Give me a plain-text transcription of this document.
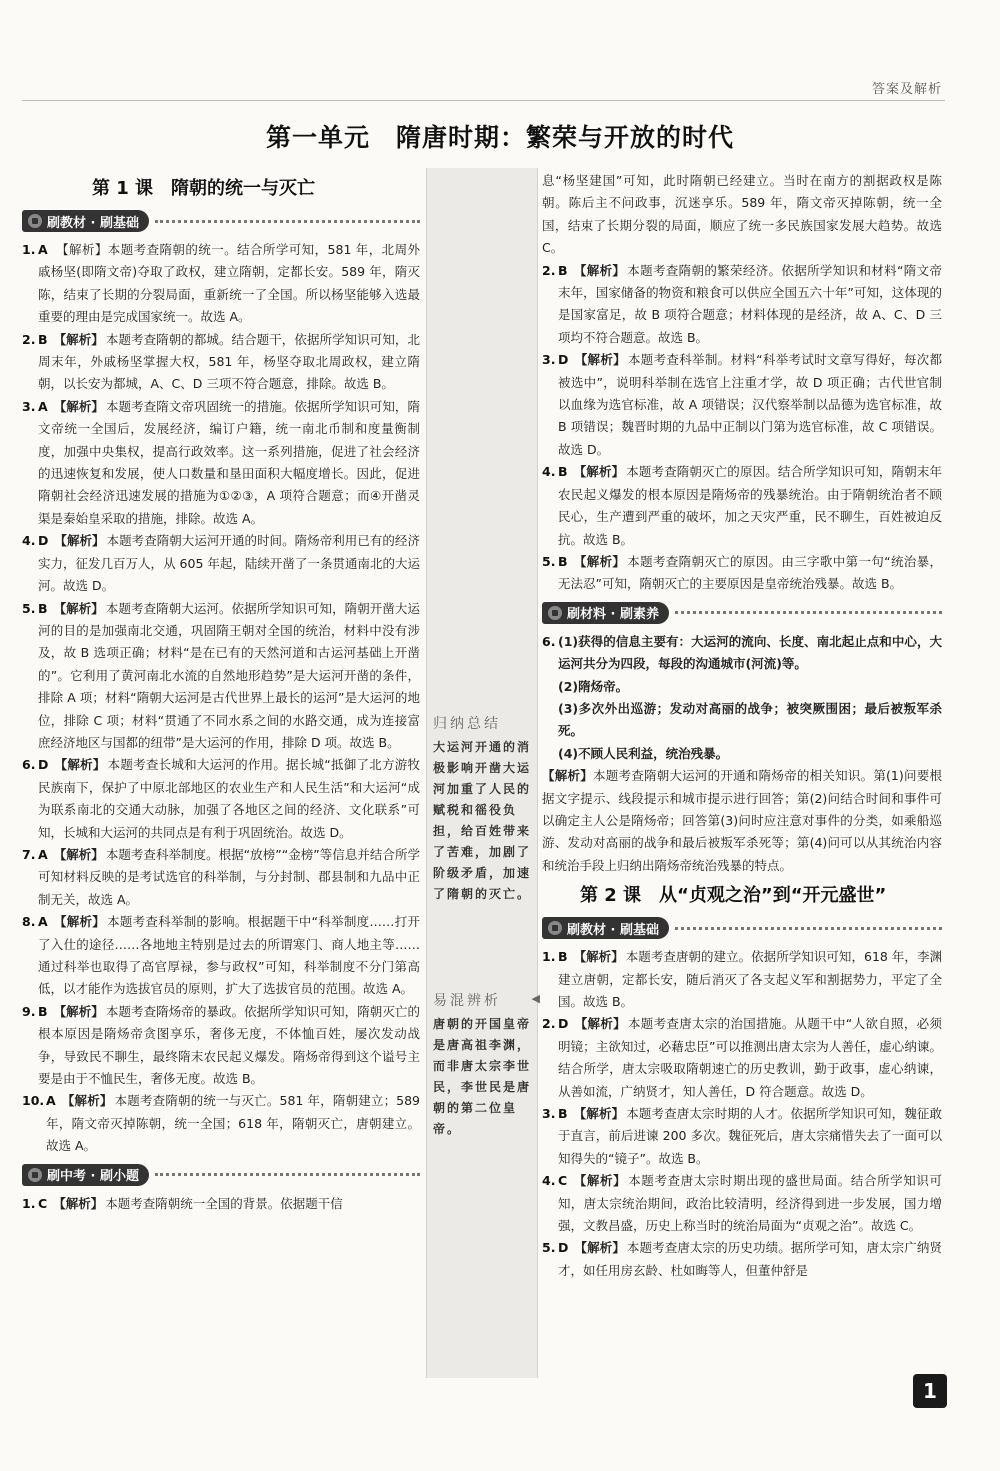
答案及解析
第一单元　隋唐时期：繁荣与开放的时代
第 1 课　隋朝的统一与灭亡
刷教材 · 刷基础

1. A 【解析】本题考查隋朝的统一。结合所学可知，581 年，北周外戚杨坚(即隋文帝)夺取了政权，建立隋朝，定都长安。589 年，隋灭陈，结束了长期的分裂局面，重新统一了全国。所以杨坚能够入选最重要的理由是完成国家统一。故选 A。

2. B 【解析】 本题考查隋朝的都城。结合题干，依据所学知识可知，北周末年，外戚杨坚掌握大权，581 年，杨坚夺取北周政权，建立隋朝，以长安为都城，A、C、D 三项不符合题意，排除。故选 B。

3. A 【解析】 本题考查隋文帝巩固统一的措施。依据所学知识可知，隋文帝统一全国后，发展经济，编订户籍，统一南北币制和度量衡制度，加强中央集权，提高行政效率。这一系列措施，促进了社会经济的迅速恢复和发展，使人口数量和垦田面积大幅度增长。因此，促进隋朝社会经济迅速发展的措施为①②③，A 项符合题意；而④开凿灵渠是秦始皇采取的措施，排除。故选 A。

4. D 【解析】 本题考查隋朝大运河开通的时间。隋炀帝利用已有的经济实力，征发几百万人，从 605 年起，陆续开凿了一条贯通南北的大运河。故选 D。

5. B 【解析】 本题考查隋朝大运河。依据所学知识可知，隋朝开凿大运河的目的是加强南北交通，巩固隋王朝对全国的统治，材料中没有涉及，故 B 选项正确；材料“是在已有的天然河道和古运河基础上开凿的”。它利用了黄河南北水流的自然地形趋势”是大运河开凿的条件，排除 A 项；材料“隋朝大运河是古代世界上最长的运河”是大运河的地位，排除 C 项；材料“贯通了不同水系之间的水路交通，成为连接富庶经济地区与国都的纽带”是大运河的作用，排除 D 项。故选 B。

6. D 【解析】 本题考查长城和大运河的作用。据长城“抵御了北方游牧民族南下，保护了中原北部地区的农业生产和人民生活”和大运河“成为联系南北的交通大动脉，加强了各地区之间的经济、文化联系”可知，长城和大运河的共同点是有利于巩固统治。故选 D。

7. A 【解析】 本题考查科举制度。根据“放榜”“金榜”等信息并结合所学可知材料反映的是考试选官的科举制，与分封制、郡县制和九品中正制无关，故选 A。

8. A 【解析】 本题考查科举制的影响。根据题干中“科举制度……打开了入仕的途径……各地地主特别是过去的所谓寒门、商人地主等……通过科举也取得了高官厚禄，参与政权”可知，科举制度不分门第高低，以才能作为选拔官员的原则，扩大了选拔官员的范围。故选 A。

9. B 【解析】 本题考查隋炀帝的暴政。依据所学知识可知，隋朝灭亡的根本原因是隋炀帝贪图享乐，奢侈无度，不体恤百姓，屡次发动战争，导致民不聊生，最终隋末农民起义爆发。隋炀帝得到这个谥号主要是由于不恤民生，奢侈无度。故选 B。

10. A 【解析】 本题考查隋朝的统一与灭亡。581 年，隋朝建立；589 年，隋文帝灭掉陈朝，统一全国；618 年，隋朝灭亡，唐朝建立。故选 A。

刷中考 · 刷小题

1. C 【解析】 本题考查隋朝统一全国的背景。依据题干信

归纳总结
大运河开通的消极影响开凿大运河加重了人民的赋税和徭役负担，给百姓带来了苦难，加剧了阶级矛盾，加速了隋朝的灭亡。
易混辨析	◀
唐朝的开国皇帝是唐高祖李渊，而非唐太宗李世民，李世民是唐朝的第二位皇帝。

息“杨坚建国”可知，此时隋朝已经建立。当时在南方的割据政权是陈朝。陈后主不问政事，沉迷享乐。589 年，隋文帝灭掉陈朝，统一全国，结束了长期分裂的局面，顺应了统一多民族国家发展大趋势。故选 C。

2. B 【解析】 本题考查隋朝的繁荣经济。依据所学知识和材料“隋文帝末年，国家储备的物资和粮食可以供应全国五六十年”可知，这体现的是国家富足，故 B 项符合题意；材料体现的是经济，故 A、C、D 三项均不符合题意。故选 B。

3. D 【解析】 本题考查科举制。材料“科举考试时文章写得好，每次都被选中”，说明科举制在选官上注重才学，故 D 项正确；古代世官制以血缘为选官标准，故 A 项错误；汉代察举制以品德为选官标准，故 B 项错误；魏晋时期的九品中正制以门第为选官标准，故 C 项错误。故选 D。

4. B 【解析】 本题考查隋朝灭亡的原因。结合所学知识可知，隋朝末年农民起义爆发的根本原因是隋炀帝的残暴统治。由于隋朝统治者不顾民心，生产遭到严重的破坏，加之天灾严重，民不聊生，百姓被迫反抗。故选 B。

5. B 【解析】 本题考查隋朝灭亡的原因。由三字歌中第一句“统治暴，无法忍”可知，隋朝灭亡的主要原因是皇帝统治残暴。故选 B。

刷材料 · 刷素养
6. (1)获得的信息主要有：大运河的流向、长度、南北起止点和中心，大运河共分为四段，每段的沟通城市(河流)等。

(2)隋炀帝。

(3)多次外出巡游；发动对高丽的战争；被突厥围困；最后被叛军杀死。

(4)不顾人民利益，统治残暴。

【解析】本题考查隋朝大运河的开通和隋炀帝的相关知识。第(1)问要根据文字提示、线段提示和城市提示进行回答；第(2)问结合时间和事件可以确定主人公是隋炀帝；回答第(3)问时应注意对事件的分类，如乘船巡游、发动对高丽的战争和最后被叛军杀死等；第(4)问可以从其统治内容和统治手段上归纳出隋炀帝统治残暴的特点。

第 2 课　从“贞观之治”到“开元盛世”
刷教材 · 刷基础

1. B 【解析】 本题考查唐朝的建立。依据所学知识可知，618 年，李渊建立唐朝，定都长安，随后消灭了各支起义军和割据势力，平定了全国。故选 B。

2. D 【解析】 本题考查唐太宗的治国措施。从题干中“人欲自照，必须明镜；主欲知过，必藉忠臣”可以推测出唐太宗为人善任，虚心纳谏。结合所学，唐太宗吸取隋朝速亡的历史教训，勤于政事，虚心纳谏，从善如流，广纳贤才，知人善任，D 符合题意。故选 D。

3. B 【解析】 本题考查唐太宗时期的人才。依据所学知识可知，魏征敢于直言，前后进谏 200 多次。魏征死后，唐太宗痛惜失去了一面可以知得失的“镜子”。故选 B。

4. C 【解析】 本题考查唐太宗时期出现的盛世局面。结合所学知识可知，唐太宗统治期间，政治比较清明，经济得到进一步发展，国力增强，文教昌盛，历史上称当时的统治局面为“贞观之治”。故选 C。

5. D 【解析】 本题考查唐太宗的历史功绩。据所学可知，唐太宗广纳贤才，如任用房玄龄、杜如晦等人，但董仲舒是

1
